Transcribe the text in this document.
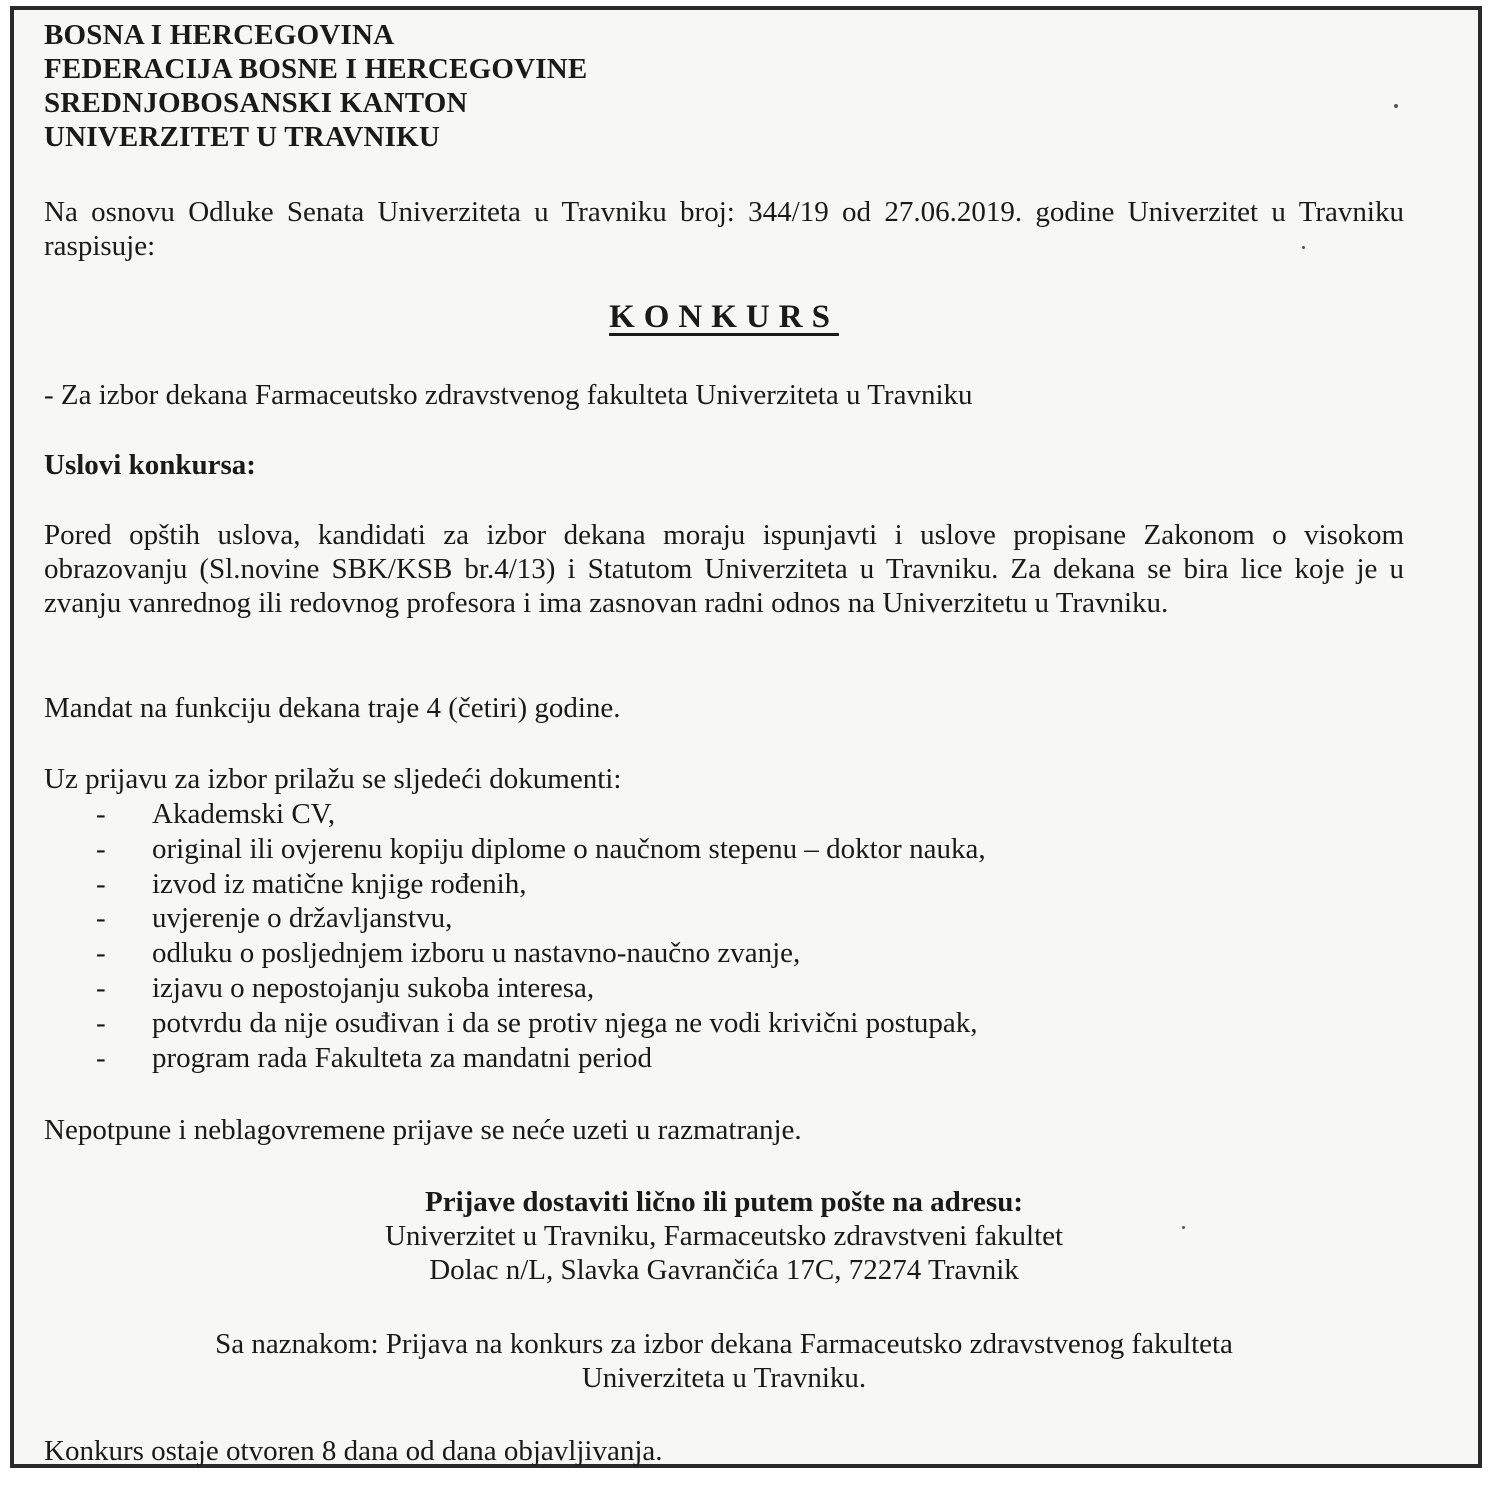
BOSNA I HERCEGOVINA

FEDERACIJA BOSNE I HERCEGOVINE

SREDNJOBOSANSKI KANTON

UNIVERZITET U TRAVNIKU

Na osnovu Odluke Senata Univerziteta u Travniku broj: 344/19 od 27.06.2019. godine Univerzitet u Travniku raspisuje:
KONKURS
- Za izbor dekana Farmaceutsko zdravstvenog fakulteta Univerziteta u Travniku
Uslovi konkursa:
Pored opštih uslova, kandidati za izbor dekana moraju ispunjavti i uslove propisane Zakonom o visokom obrazovanju (Sl.novine SBK/KSB br.4/13) i Statutom Univerziteta u Travniku. Za dekana se bira lice koje je u zvanju vanrednog ili redovnog profesora i ima zasnovan radni odnos na Univerzitetu u Travniku.
Mandat na funkciju dekana traje 4 (četiri) godine.
Uz prijavu za izbor prilažu se sljedeći dokumenti:
- Akademski CV,
- original ili ovjerenu kopiju diplome o naučnom stepenu – doktor nauka,
- izvod iz matične knjige rođenih,
- uvjerenje o državljanstvu,
- odluku o posljednjem izboru u nastavno-naučno zvanje,
- izjavu o nepostojanju sukoba interesa,
- potvrdu da nije osuđivan i da se protiv njega ne vodi krivični postupak,
- program rada Fakulteta za mandatni period
Nepotpune i neblagovremene prijave se neće uzeti u razmatranje.

Prijave dostaviti lično ili putem pošte na adresu:

Univerzitet u Travniku, Farmaceutsko zdravstveni fakultet

Dolac n/L, Slavka Gavrančića 17C, 72274 Travnik

Sa naznakom: Prijava na konkurs za izbor dekana Farmaceutsko zdravstvenog fakulteta

Univerziteta u Travniku.

Konkurs ostaje otvoren 8 dana od dana objavljivanja.
